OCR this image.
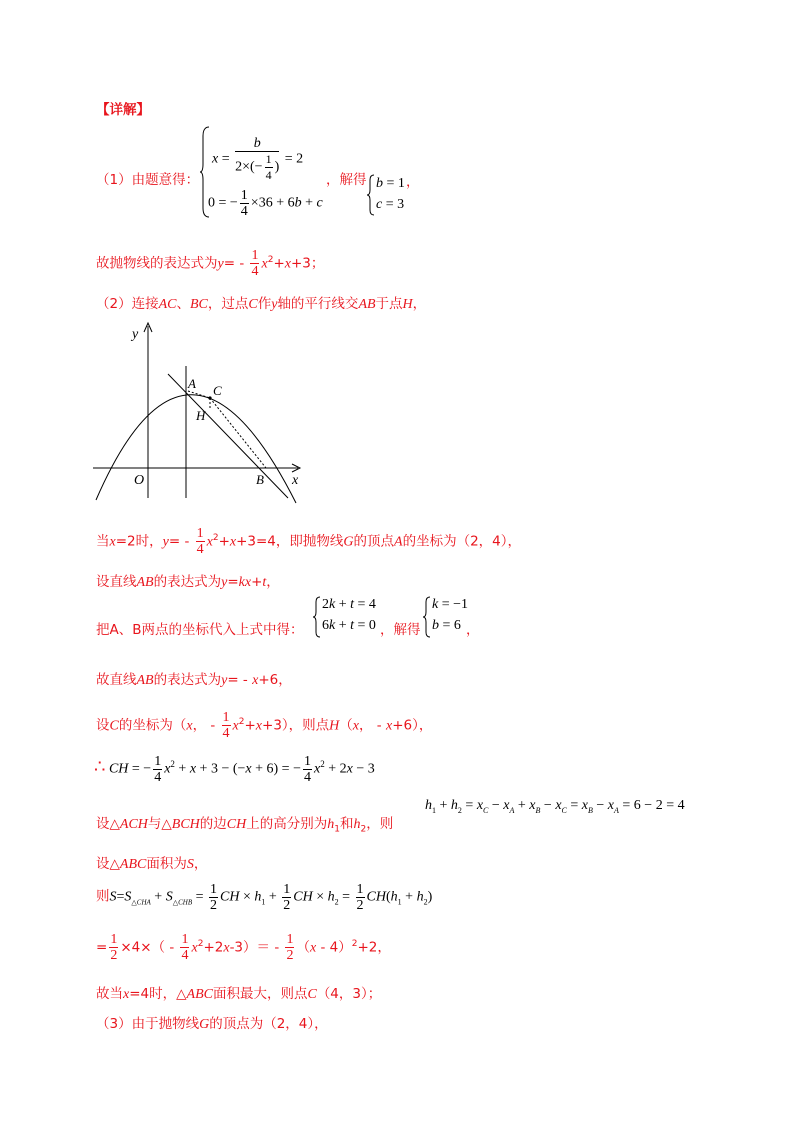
【详解】
（1）由题意得：
$x = \frac{b}{2\times(- \frac{1}{4} )} = 2$
0 = − $\frac{1}{4} \times 36 + 6b + c$
，解得 b = 1
c = 3
，
故抛物线的表达式为$y= - \frac{1}{4} x^2+x+3$；
（2）连接AC、BC，过点C作y轴的平行线交AB于点H，
y
x
O
A C
H
B
当x=2时，$y= - \frac{1}{4} x^2+x+3=4$，即抛物线G的顶点A的坐标为（2，4），
设直线AB的表达式为y=kx+t，
把A、B两点的坐标代入上式中得：
2k + t = 4
6k + t = 0 ，解得
k = −1
b = 6 ，
故直线AB的表达式为y= - x+6，
设C的坐标为（x， - $\frac{1}{4} x^2+x+3$），则点H（x， - x+6），
∴ CH = − $\frac{1}{4} x^2 + x + 3 - (-x + 6)$ = − $\frac{1}{4} x^2 + 2x - 3$
设△ACH与△BCH的边CH上的高分别为$h_1$和$h_2$，则
$h_1 + h_2 = x_C - x_A + x_B - x_C = x_B - x_A = 6 - 2 = 4$
设△ABC面积为S，
则$S=S_{\triangle CHA} + S_{\triangle CHB} = \frac{1}{2}$ CH × $h_1 + \frac{1}{2}$ CH × $h_2 = \frac{1}{2} CH(h_1 + h_2)$
= $\frac{1}{2} \times 4\times( - \frac{1}{4} x^2+2x-3)= - \frac{1}{2} (x - 4)^2+2$，
故当x=4时，△ABC面积最大，则点C（4，3）；
（3）由于抛物线G的顶点为（2，4），
